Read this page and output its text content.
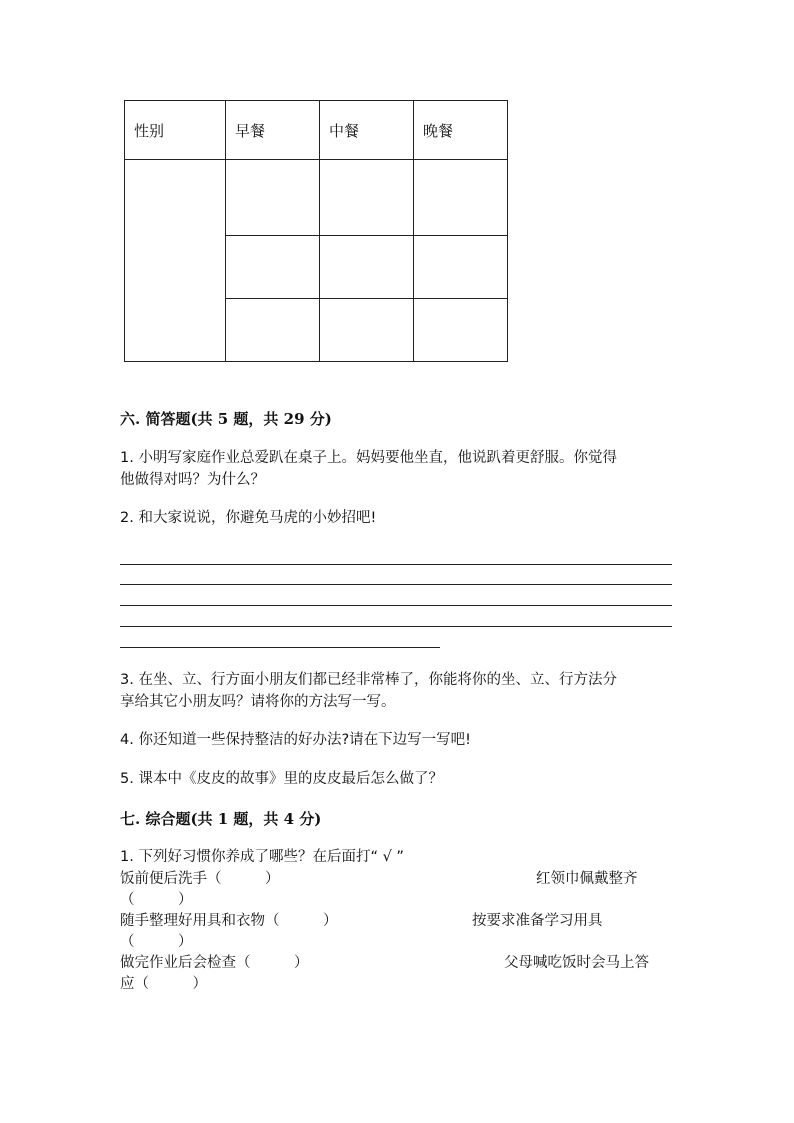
性别	早餐	中餐	晚餐

六. 简答题(共 5 题，共 29 分)
1. 小明写家庭作业总爱趴在桌子上。妈妈要他坐直，他说趴着更舒服。你觉得
他做得对吗？为什么？
2. 和大家说说，你避免马虎的小妙招吧!
3. 在坐、立、行方面小朋友们都已经非常棒了，你能将你的坐、立、行方法分
享给其它小朋友吗？请将你的方法写一写。
4. 你还知道一些保持整洁的好办法?请在下边写一写吧!
5. 课本中《皮皮的故事》里的皮皮最后怎么做了？
七. 综合题(共 1 题，共 4 分)
1. 下列好习惯你养成了哪些？在后面打“ √ ”
饭前便后洗手（　　　）	红领巾佩戴整齐
（　　　）
随手整理好用具和衣物（　　　）	按要求准备学习用具
（　　　）
做完作业后会检查（　　　）	父母喊吃饭时会马上答
应（　　　）
